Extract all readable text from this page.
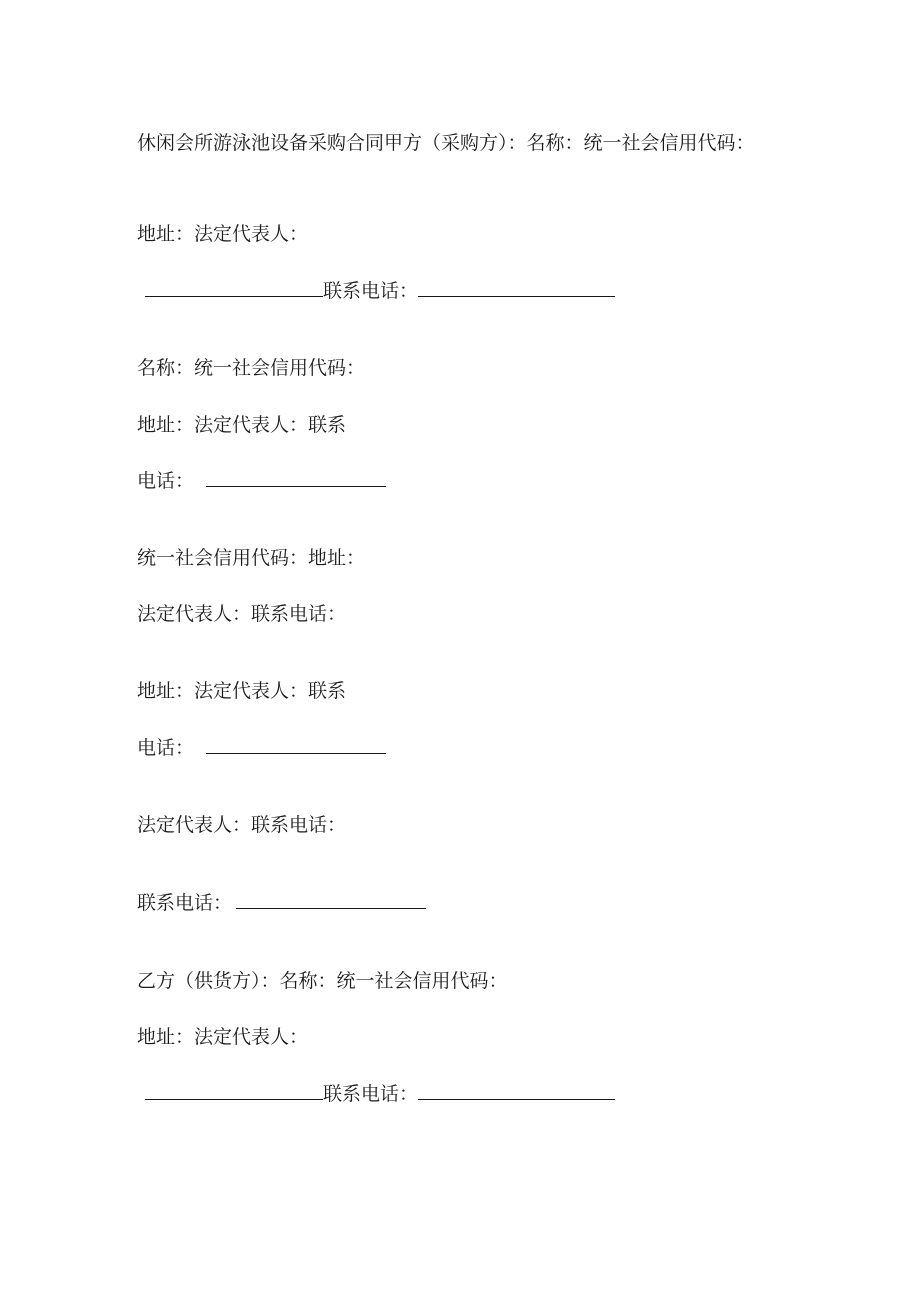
休闲会所游泳池设备采购合同甲方（采购方）：名称：统一社会信用代码：
地址：法定代表人：
联系电话：
名称：统一社会信用代码：
地址：法定代表人：联系
电话：
统一社会信用代码：地址：
法定代表人：联系电话：
地址：法定代表人：联系
电话：
法定代表人：联系电话：
联系电话：
乙方（供货方）：名称：统一社会信用代码：
地址：法定代表人：
联系电话：
